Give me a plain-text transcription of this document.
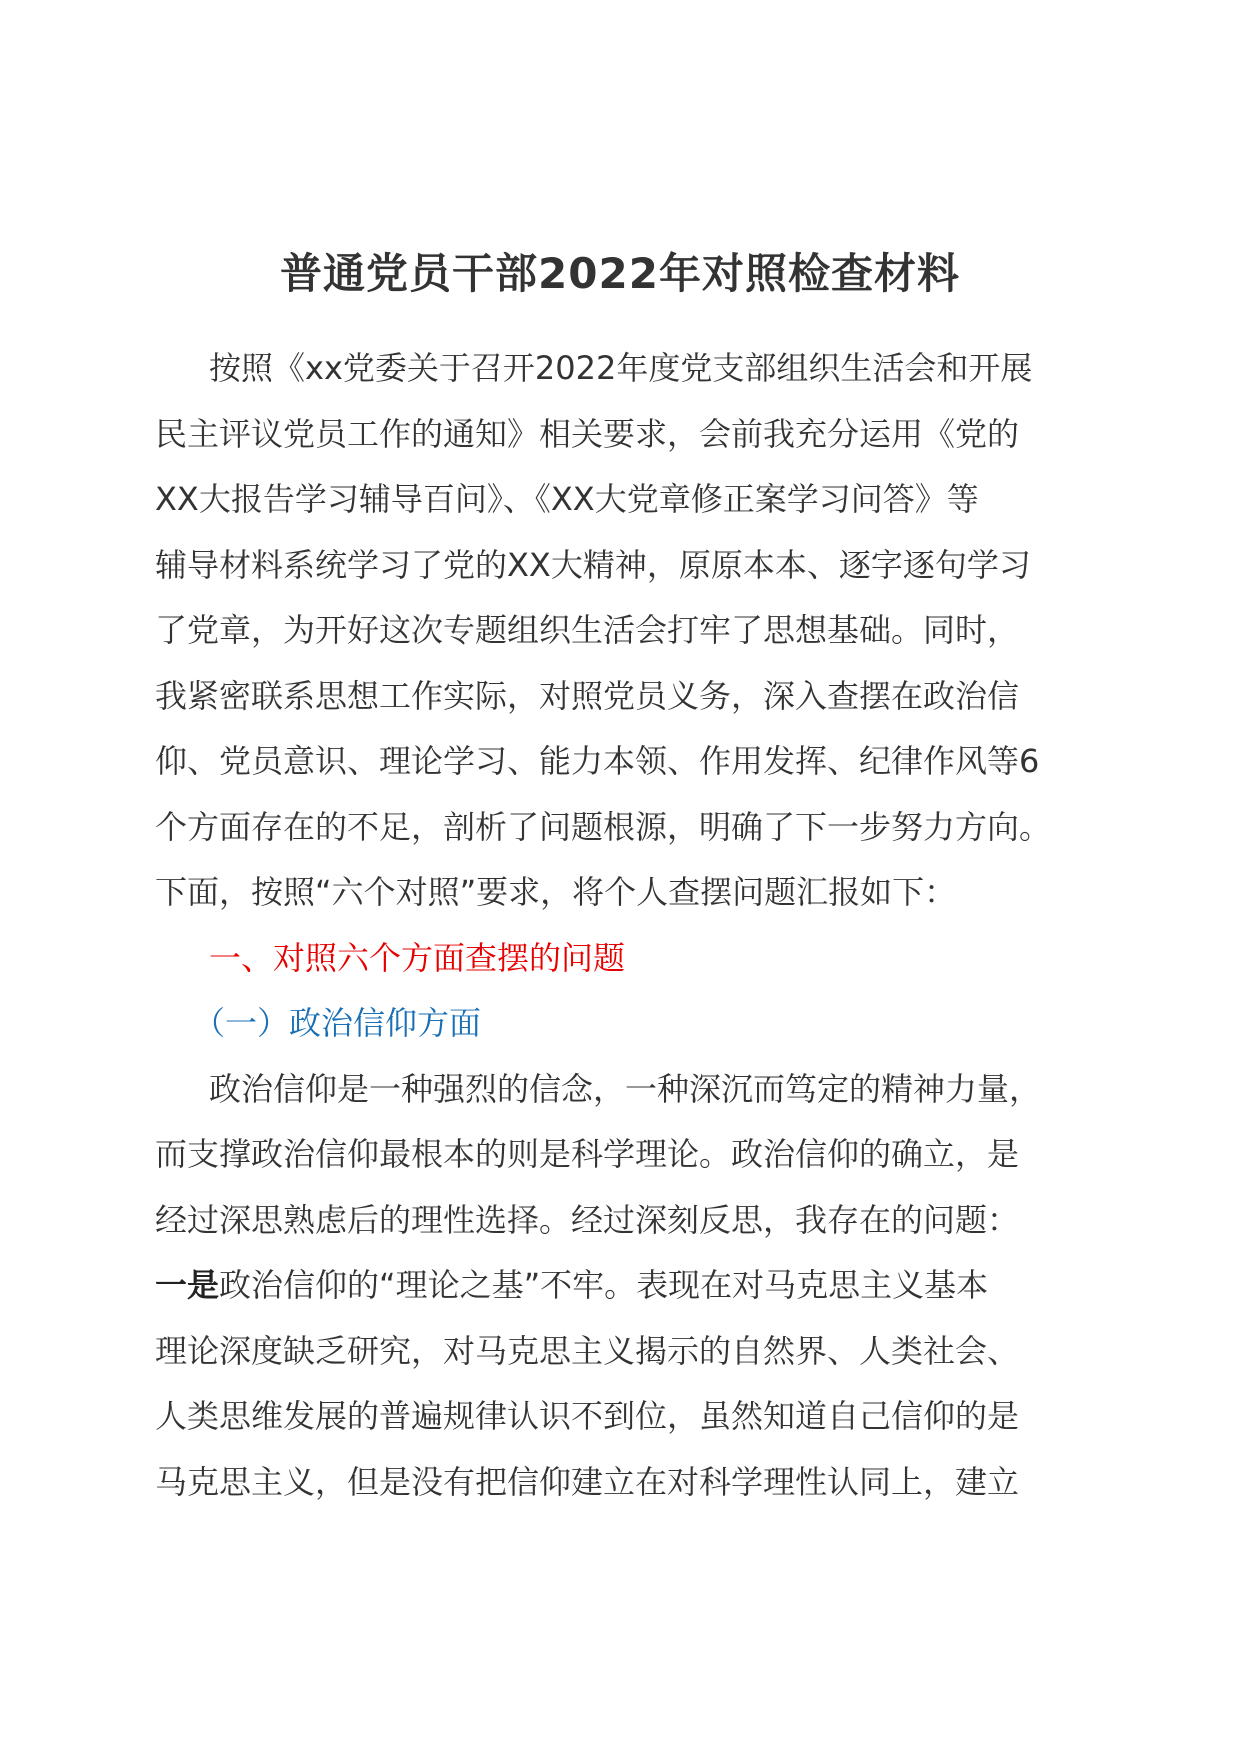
普通党员干部2022年对照检查材料
按照《xx党委关于召开2022年度党支部组织生活会和开展
民主评议党员工作的通知》相关要求，会前我充分运用《党的
XX大报告学习辅导百问》、《XX大党章修正案学习问答》等
辅导材料系统学习了党的XX大精神，原原本本、逐字逐句学习
了党章，为开好这次专题组织生活会打牢了思想基础。同时，
我紧密联系思想工作实际，对照党员义务，深入查摆在政治信
仰、党员意识、理论学习、能力本领、作用发挥、纪律作风等6
个方面存在的不足，剖析了问题根源，明确了下一步努力方向。
下面，按照“六个对照”要求，将个人查摆问题汇报如下：
一、对照六个方面查摆的问题
（一）政治信仰方面
政治信仰是一种强烈的信念，一种深沉而笃定的精神力量，
而支撑政治信仰最根本的则是科学理论。政治信仰的确立，是
经过深思熟虑后的理性选择。经过深刻反思，我存在的问题：
一是政治信仰的“理论之基”不牢。表现在对马克思主义基本
理论深度缺乏研究，对马克思主义揭示的自然界、人类社会、
人类思维发展的普遍规律认识不到位，虽然知道自己信仰的是
马克思主义，但是没有把信仰建立在对科学理性认同上，建立
